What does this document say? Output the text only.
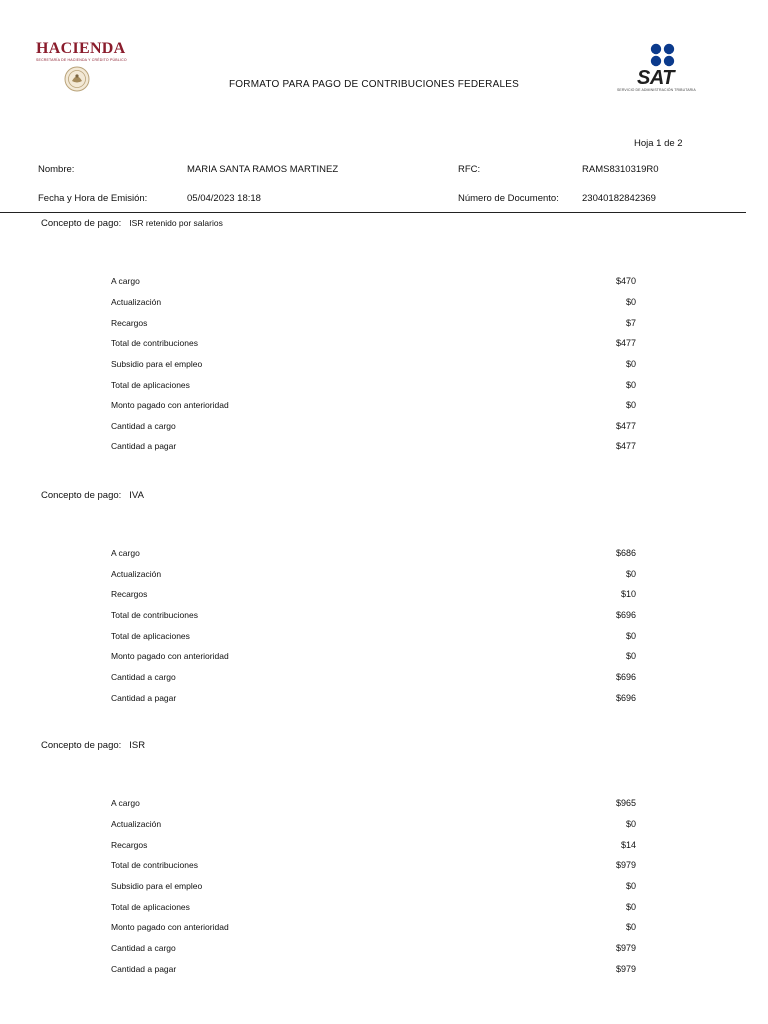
HACIENDA
SECRETARÍA DE HACIENDA Y CRÉDITO PÚBLICO
FORMATO PARA PAGO DE CONTRIBUCIONES FEDERALES	SAT
SERVICIO DE ADMINISTRACIÓN TRIBUTARIA
Hoja 1 de 2
Nombre:	MARIA SANTA RAMOS MARTINEZ	RFC:	RAMS8310319R0
Fecha y Hora de Emisión:	05/04/2023 18:18	Número de Documento: 23040182842369
Concepto de pago: ISR retenido por salarios
A cargo	$470
Actualización	$0
Recargos	$7
Total de contribuciones	$477
Subsidio para el empleo	$0
Total de aplicaciones	$0
Monto pagado con anterioridad	$0
Cantidad a cargo	$477
Cantidad a pagar	$477
Concepto de pago: IVA
A cargo	$686
Actualización	$0
Recargos	$10
Total de contribuciones	$696
Total de aplicaciones	$0
Monto pagado con anterioridad	$0
Cantidad a cargo	$696
Cantidad a pagar	$696
Concepto de pago: ISR
A cargo	$965
Actualización	$0
Recargos	$14
Total de contribuciones	$979
Subsidio para el empleo	$0
Total de aplicaciones	$0
Monto pagado con anterioridad	$0
Cantidad a cargo	$979
Cantidad a pagar	$979
